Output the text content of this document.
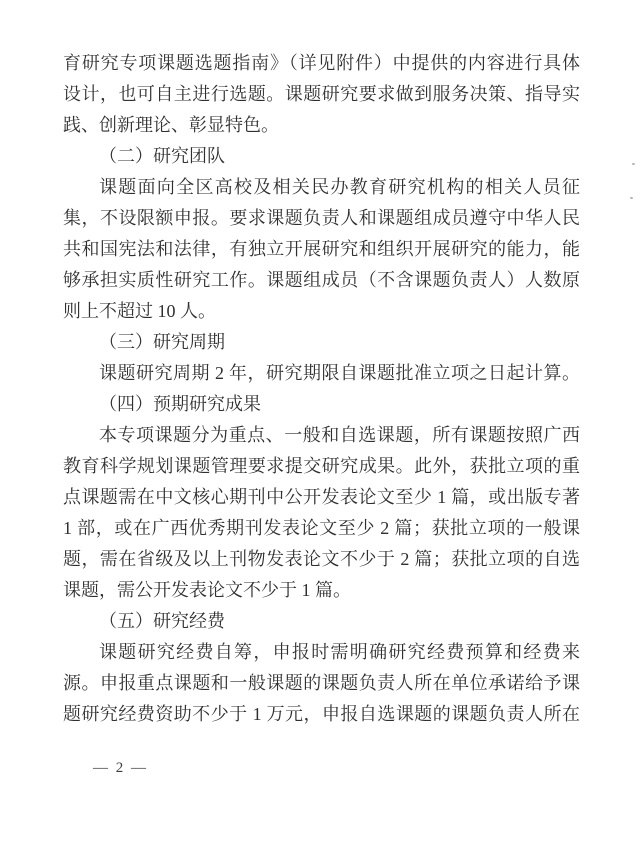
育研究专项课题选题指南》（详见附件）中提供的内容进行具体
设计，也可自主进行选题。课题研究要求做到服务决策、指导实
践、创新理论、彰显特色。
（二）研究团队
课题面向全区高校及相关民办教育研究机构的相关人员征
集，不设限额申报。要求课题负责人和课题组成员遵守中华人民
共和国宪法和法律，有独立开展研究和组织开展研究的能力，能
够承担实质性研究工作。课题组成员（不含课题负责人）人数原
则上不超过 10 人。
（三）研究周期
课题研究周期 2 年，研究期限自课题批准立项之日起计算。
（四）预期研究成果
本专项课题分为重点、一般和自选课题，所有课题按照广西
教育科学规划课题管理要求提交研究成果。此外，获批立项的重
点课题需在中文核心期刊中公开发表论文至少 1 篇，或出版专著
1 部，或在广西优秀期刊发表论文至少 2 篇；获批立项的一般课
题，需在省级及以上刊物发表论文不少于 2 篇；获批立项的自选
课题，需公开发表论文不少于 1 篇。
（五）研究经费
课题研究经费自筹，申报时需明确研究经费预算和经费来
源。申报重点课题和一般课题的课题负责人所在单位承诺给予课
题研究经费资助不少于 1 万元，申报自选课题的课题负责人所在
— 2 —
